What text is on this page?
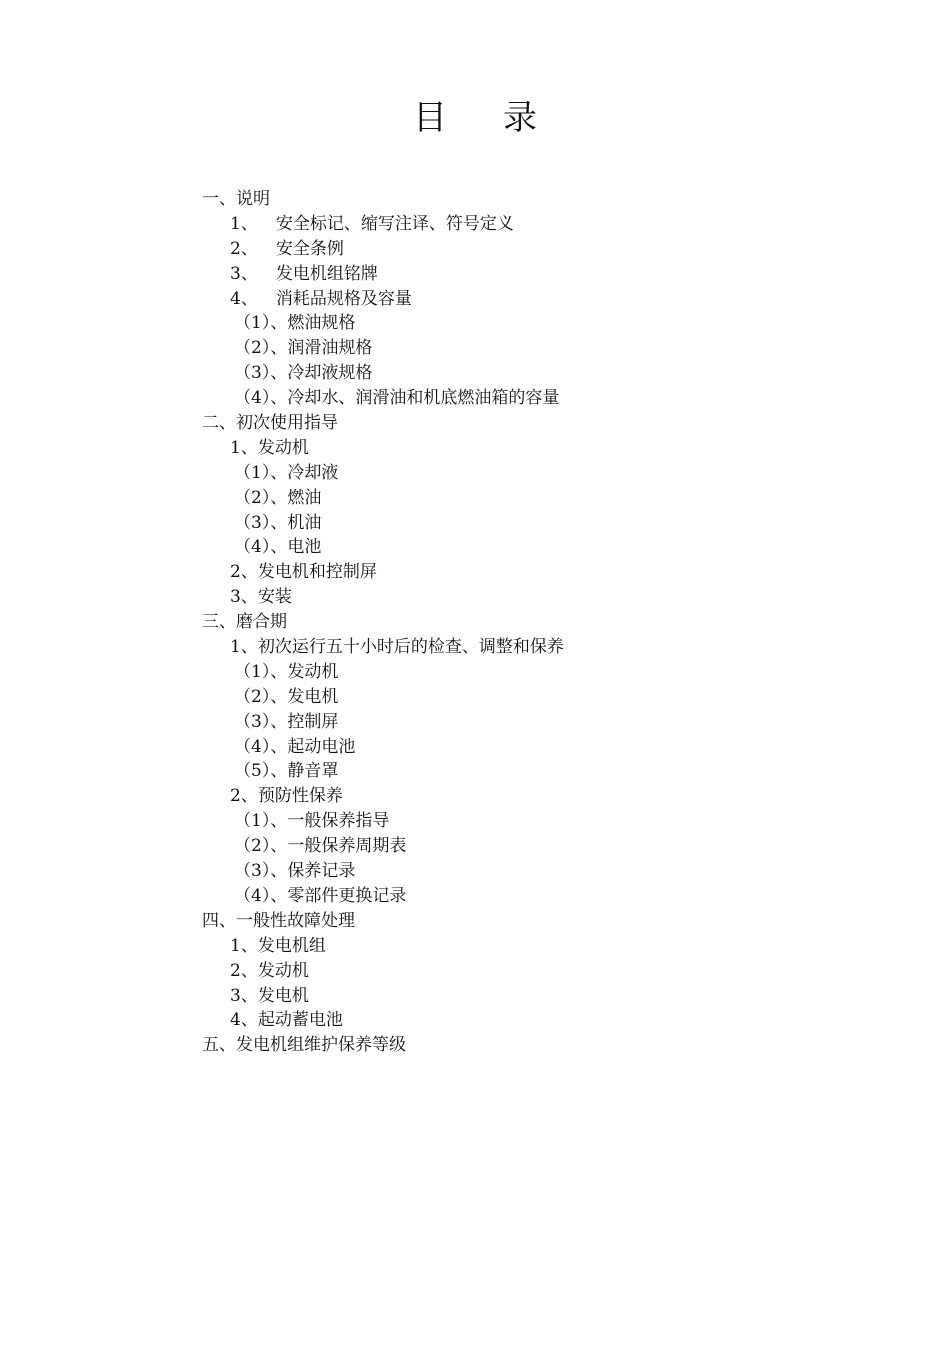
目 录
一、说明
1、 安全标记、缩写注译、符号定义
2、 安全条例
3、 发电机组铭牌
4、 消耗品规格及容量
（1）、燃油规格
（2）、润滑油规格
（3）、冷却液规格
（4）、冷却水、润滑油和机底燃油箱的容量
二、初次使用指导
1、发动机
（1）、冷却液
（2）、燃油
（3）、机油
（4）、电池
2、发电机和控制屏
3、安装
三、磨合期
1、初次运行五十小时后的检查、调整和保养
（1）、发动机
（2）、发电机
（3）、控制屏
（4）、起动电池
（5）、静音罩
2、预防性保养
（1）、一般保养指导
（2）、一般保养周期表
（3）、保养记录
（4）、零部件更换记录
四、一般性故障处理
1、发电机组
2、发动机
3、发电机
4、起动蓄电池
五、发电机组维护保养等级
